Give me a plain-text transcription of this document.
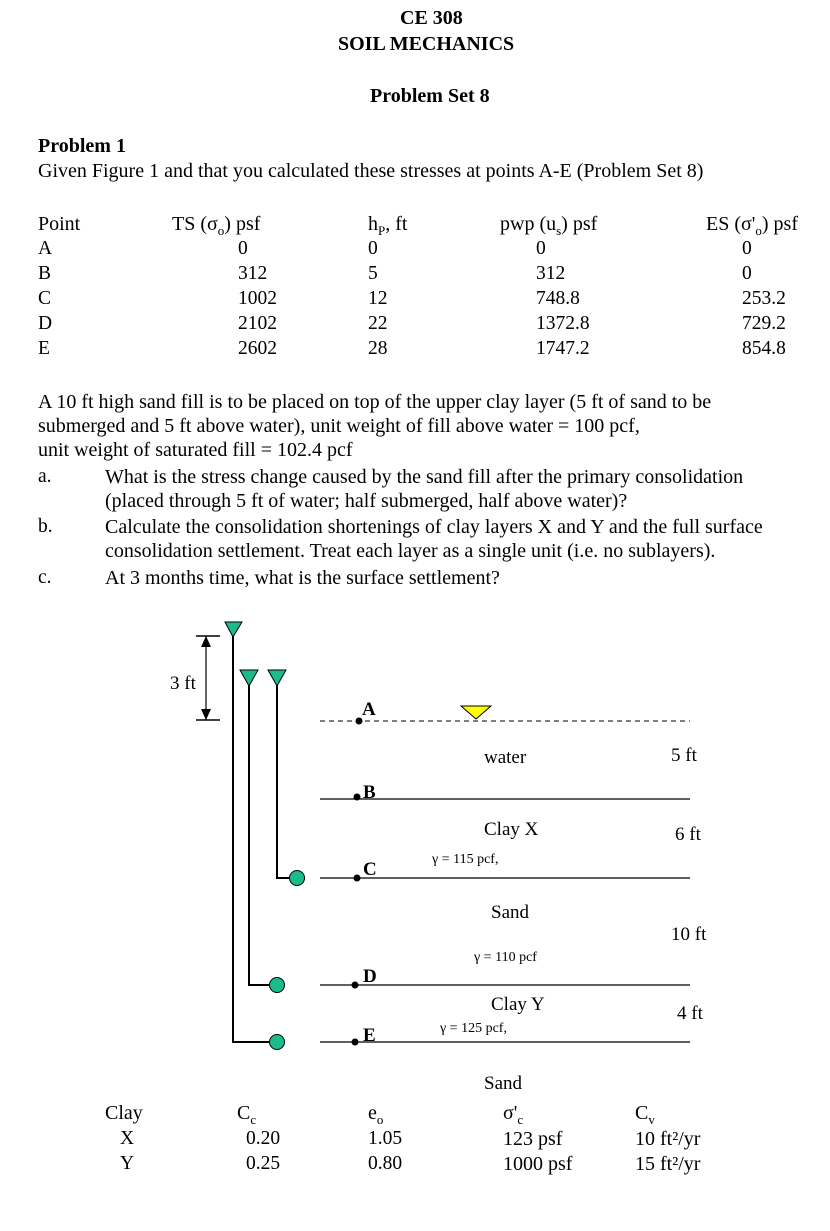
CE 308
SOIL MECHANICS
Problem Set 8
Problem 1
Given Figure 1 and that you calculated these stresses at points A-E (Problem Set 8)
Point	TS $(\sigma_o)$ psf	$h_P$, ft	pwp $(u_s)$ psf	ES $(\sigma'_o)$ psf
A	0	0	0	0
B	312	5	312	0
C	1002	12	748.8	253.2
D	2102	22	1372.8	729.2
E	2602	28	1747.2	854.8
A 10 ft high sand fill is to be placed on top of the upper clay layer (5 ft of sand to be
submerged and 5 ft above water), unit weight of fill above water = 100 pcf,
unit weight of saturated fill = 102.4 pcf
a.	What is the stress change caused by the sand fill after the primary consolidation
(placed through 5 ft of water; half submerged, half above water)?
b.	Calculate the consolidation shortenings of clay layers X and Y and the full surface
consolidation settlement. Treat each layer as a single unit (i.e. no sublayers).
c.	At 3 months time, what is the surface settlement?
3 ft
A
B
C
D
E
water
Clay X
γ = 115 pcf,
Sand
γ = 110 pcf
Clay Y
γ = 125 pcf,
Sand
5 ft
6 ft
10 ft
4 ft
Clay	$C_c$	$e_o$	$\sigma'_c$	$C_v$
X	0.20	1.05	123 psf	10 ft²/yr
Y	0.25	0.80	1000 psf	15 ft²/yr
